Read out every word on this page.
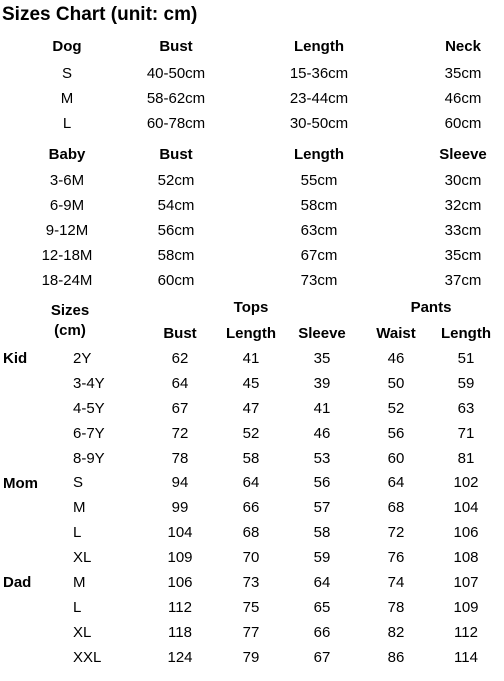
Sizes Chart (unit: cm)
Dog	Bust	Length	Neck
S	40-50cm	15-36cm	35cm
M	58-62cm	23-44cm	46cm
L	60-78cm	30-50cm	60cm
Baby	Bust	Length	Sleeve
3-6M	52cm	55cm	30cm
6-9M	54cm	58cm	32cm
9-12M	56cm	63cm	33cm
12-18M	58cm	67cm	35cm
18-24M	60cm	73cm	37cm
Sizes
(cm)
Tops	Pants
Bust Length Sleeve Waist Length
Kid	2Y	62	41	35	46	51
3-4Y	64	45	39	50	59
4-5Y	67	47	41	52	63
6-7Y	72	52	46	56	71
8-9Y	78	58	53	60	81
Mom S	94	64	56	64	102
M	99	66	57	68	104
L	104	68	58	72	106
XL	109	70	59	76	108
Dad	M	106	73	64	74	107
L	112	75	65	78	109
XL	118	77	66	82	112
XXL	124	79	67	86	114
